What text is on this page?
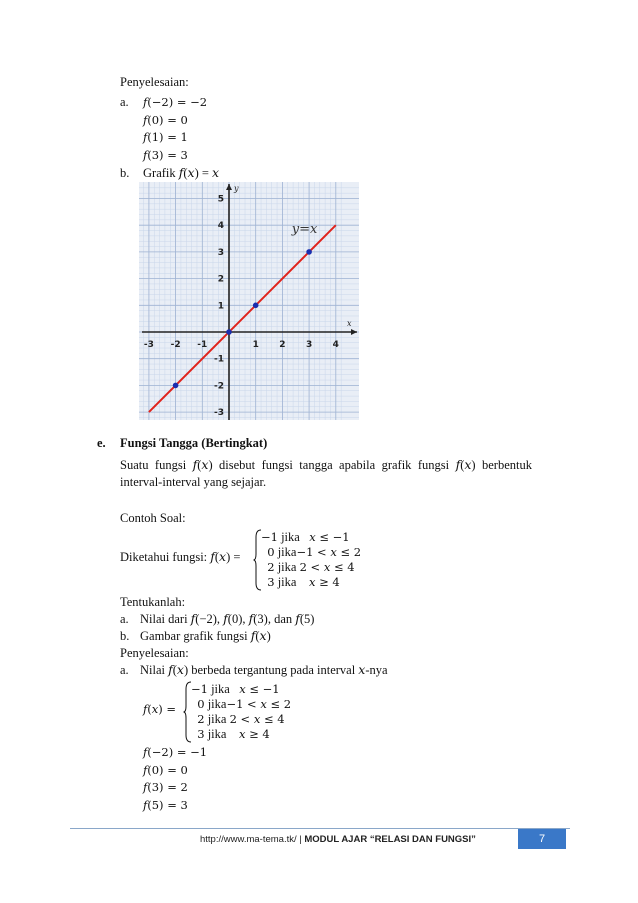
Penyelesaian:
a. 𝑓(−2) = −2
𝑓(0) = 0
𝑓(1) = 1
𝑓(3) = 3
b. Grafik 𝑓(𝑥) = 𝑥
x
y
-3 -2 -1	1 2 3 4
5
4
3
2
1
-1
-2
-3
y=x
e. Fungsi Tangga (Bertingkat)
Suatu fungsi 𝑓(𝑥) disebut fungsi tangga apabila grafik fungsi 𝑓(𝑥) berbentuk interval-interval yang sejajar.
Contoh Soal:
Diketahui fungsi: 𝑓(𝑥) =
−1 jika 𝑥 ≤ −1
0 jika−1 < 𝑥 ≤ 2
2 jika 2 < 𝑥 ≤ 4
3 jika 𝑥 ≥ 4
Tentukanlah:
a. Nilai dari 𝑓(−2), 𝑓(0), 𝑓(3), dan 𝑓(5)
b. Gambar grafik fungsi 𝑓(𝑥)
Penyelesaian:
a. Nilai 𝑓(𝑥) berbeda tergantung pada interval 𝑥-nya
𝑓(𝑥) =
−1 jika 𝑥 ≤ −1
0 jika−1 < 𝑥 ≤ 2
2 jika 2 < 𝑥 ≤ 4
3 jika 𝑥 ≥ 4
𝑓(−2) = −1
𝑓(0) = 0
𝑓(3) = 2
𝑓(5) = 3
http://www.ma-tema.tk/ | MODUL AJAR “RELASI DAN FUNGSI”	7
